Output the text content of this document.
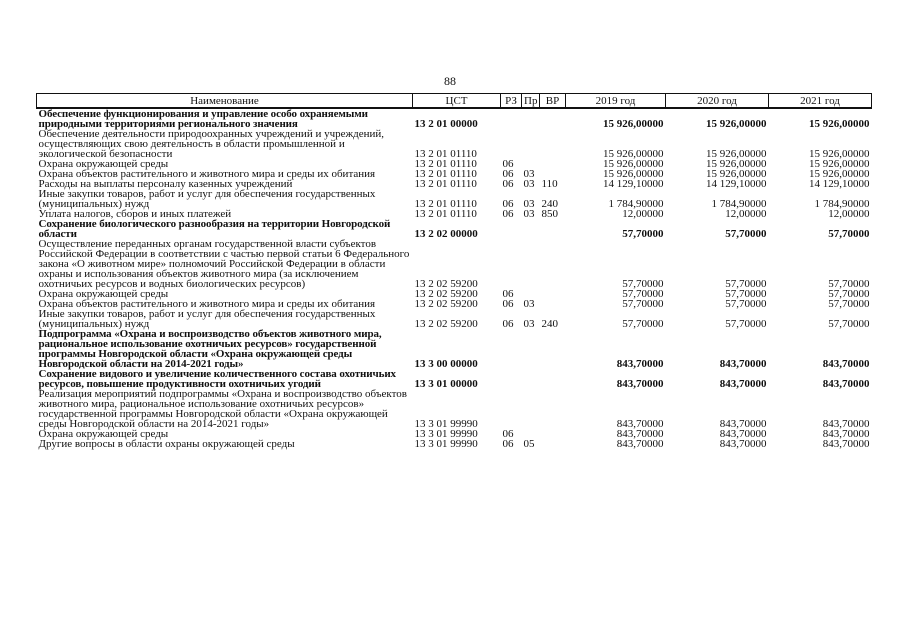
88
Наименование	ЦСТ	РЗ	Пр	ВР	2019 год	2020 год	2021 год
Обеспечение функционирования и управление особо охраняемыми природными территориями регионального значения	13 2 01 00000				15 926,00000	15 926,00000	15 926,00000
Обеспечение деятельности природоохранных учреждений и учреждений, осуществляющих свою деятельность в области промышленной и экологической безопасности	13 2 01 01110				15 926,00000	15 926,00000	15 926,00000
Охрана окружающей среды	13 2 01 01110	06			15 926,00000	15 926,00000	15 926,00000
Охрана объектов растительного и животного мира и среды их обитания	13 2 01 01110	06	03		15 926,00000	15 926,00000	15 926,00000
Расходы на выплаты персоналу казенных учреждений	13 2 01 01110	06	03	110	14 129,10000	14 129,10000	14 129,10000
Иные закупки товаров, работ и услуг для обеспечения государственных (муниципальных) нужд	13 2 01 01110	06	03	240	1 784,90000	1 784,90000	1 784,90000
Уплата налогов, сборов и иных платежей	13 2 01 01110	06	03	850	12,00000	12,00000	12,00000
Сохранение биологического разнообразия на территории Новгородской области	13 2 02 00000				57,70000	57,70000	57,70000
Осуществление переданных органам государственной власти субъектов Российской Федерации в соответствии с частью первой статьи 6 Федерального закона «О животном мире» полномочий Российской Федерации в области охраны и использования объектов животного мира (за исключением охотничьих ресурсов и водных биологических ресурсов)	13 2 02 59200				57,70000	57,70000	57,70000
Охрана окружающей среды	13 2 02 59200	06			57,70000	57,70000	57,70000
Охрана объектов растительного и животного мира и среды их обитания	13 2 02 59200	06	03		57,70000	57,70000	57,70000
Иные закупки товаров, работ и услуг для обеспечения государственных (муниципальных) нужд	13 2 02 59200	06	03	240	57,70000	57,70000	57,70000
Подпрограмма «Охрана и воспроизводство объектов животного мира, рациональное использование охотничьих ресурсов» государственной программы Новгородской области «Охрана окружающей среды Новгородской области на 2014-2021 годы»	13 3 00 00000				843,70000	843,70000	843,70000
Сохранение видового и увеличение количественного состава охотничьих ресурсов, повышение продуктивности охотничьих угодий	13 3 01 00000				843,70000	843,70000	843,70000
Реализация мероприятий подпрограммы «Охрана и воспроизводство объектов животного мира, рациональное использование охотничьих ресурсов» государственной программы Новгородской области «Охрана окружающей среды Новгородской области на 2014-2021 годы»	13 3 01 99990				843,70000	843,70000	843,70000
Охрана окружающей среды	13 3 01 99990	06			843,70000	843,70000	843,70000
Другие вопросы в области охраны окружающей среды	13 3 01 99990	06	05		843,70000	843,70000	843,70000
